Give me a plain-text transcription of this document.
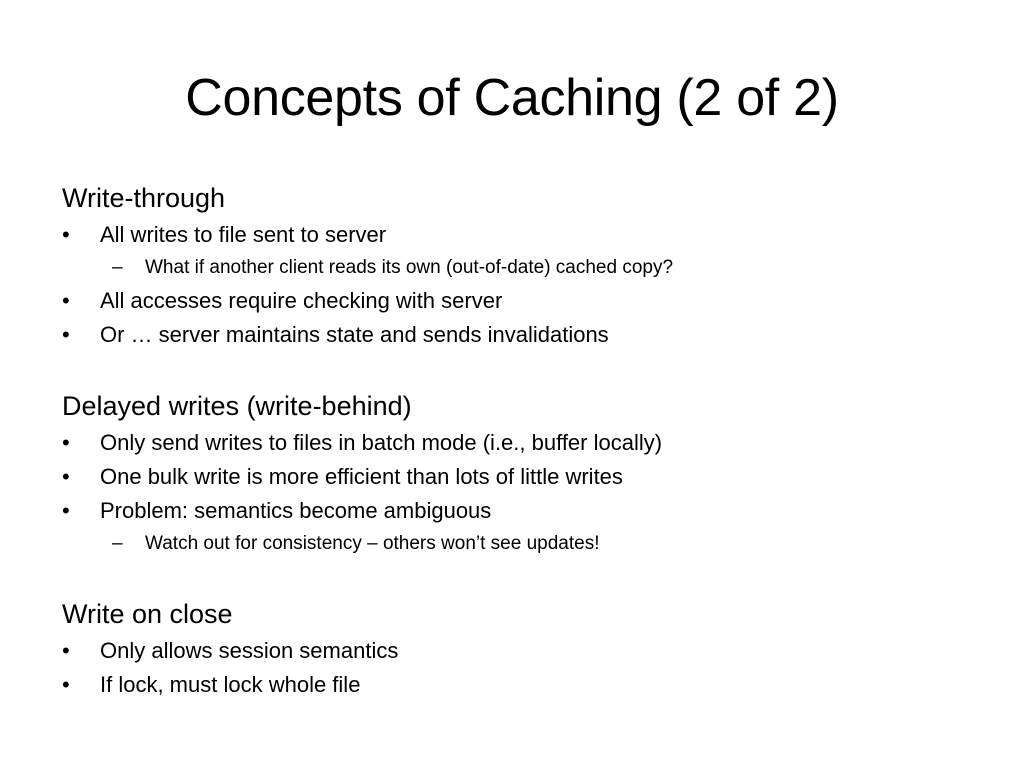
Concepts of Caching (2 of 2)
Write-through
•	All writes to file sent to server
– What if another client reads its own (out-of-date) cached copy?
•	All accesses require checking with server
•	Or … server maintains state and sends invalidations
Delayed writes (write-behind)
•	Only send writes to files in batch mode (i.e., buffer locally)
•	One bulk write is more efficient than lots of little writes
•	Problem: semantics become ambiguous
– Watch out for consistency – others won’t see updates!
Write on close
•	Only allows session semantics
•	If lock, must lock whole file
